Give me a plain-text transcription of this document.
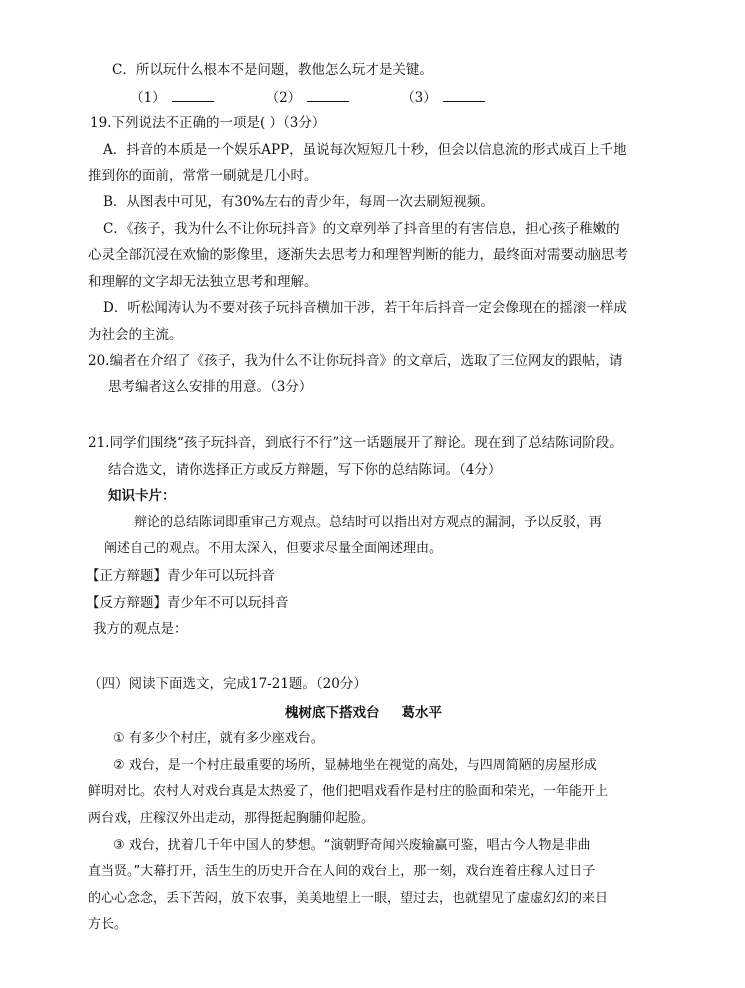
C．所以玩什么根本不是问题，教他怎么玩才是关键。
（1）	（2）	（3）
19.下列说法不正确的一项是( ）（3分）
A．抖音的本质是一个娱乐APP，虽说每次短短几十秒，但会以信息流的形式成百上千地
推到你的面前，常常一刷就是几小时。
B．从图表中可见，有30%左右的青少年，每周一次去刷短视频。
C．《孩子，我为什么不让你玩抖音》的文章列举了抖音里的有害信息，担心孩子稚嫩的
心灵全部沉浸在欢愉的影像里，逐渐失去思考力和理智判断的能力，最终面对需要动脑思考
和理解的文字却无法独立思考和理解。
D．听松闻涛认为不要对孩子玩抖音横加干涉，若干年后抖音一定会像现在的摇滚一样成
为社会的主流。
20.编者在介绍了《孩子，我为什么不让你玩抖音》的文章后，选取了三位网友的跟帖，请
思考编者这么安排的用意。（3分）
21.同学们围绕“孩子玩抖音，到底行不行”这一话题展开了辩论。现在到了总结陈词阶段。
结合选文，请你选择正方或反方辩题，写下你的总结陈词。（4分）
知识卡片：
辩论的总结陈词即重审己方观点。总结时可以指出对方观点的漏洞，予以反驳，再
阐述自己的观点。不用太深入，但要求尽量全面阐述理由。
【正方辩题】青少年可以玩抖音
【反方辩题】青少年不可以玩抖音
我方的观点是：
（四）阅读下面选文，完成17-21题。（20分）
槐树底下搭戏台 葛水平
① 有多少个村庄，就有多少座戏台。
② 戏台，是一个村庄最重要的场所，显赫地坐在视觉的高处，与四周简陋的房屋形成
鲜明对比。农村人对戏台真是太热爱了，他们把唱戏看作是村庄的脸面和荣光，一年能开上
两台戏，庄稼汉外出走动，那得挺起胸脯仰起脸。
③ 戏台，扰着几千年中国人的梦想。“演朝野奇闻兴废输赢可鉴，唱古今人物是非曲
直当贤。”大幕打开，活生生的历史开合在人间的戏台上，那一刻，戏台连着庄稼人过日子
的心心念念，丢下苦闷，放下农事，美美地望上一眼，望过去，也就望见了虚虚幻幻的来日
方长。
